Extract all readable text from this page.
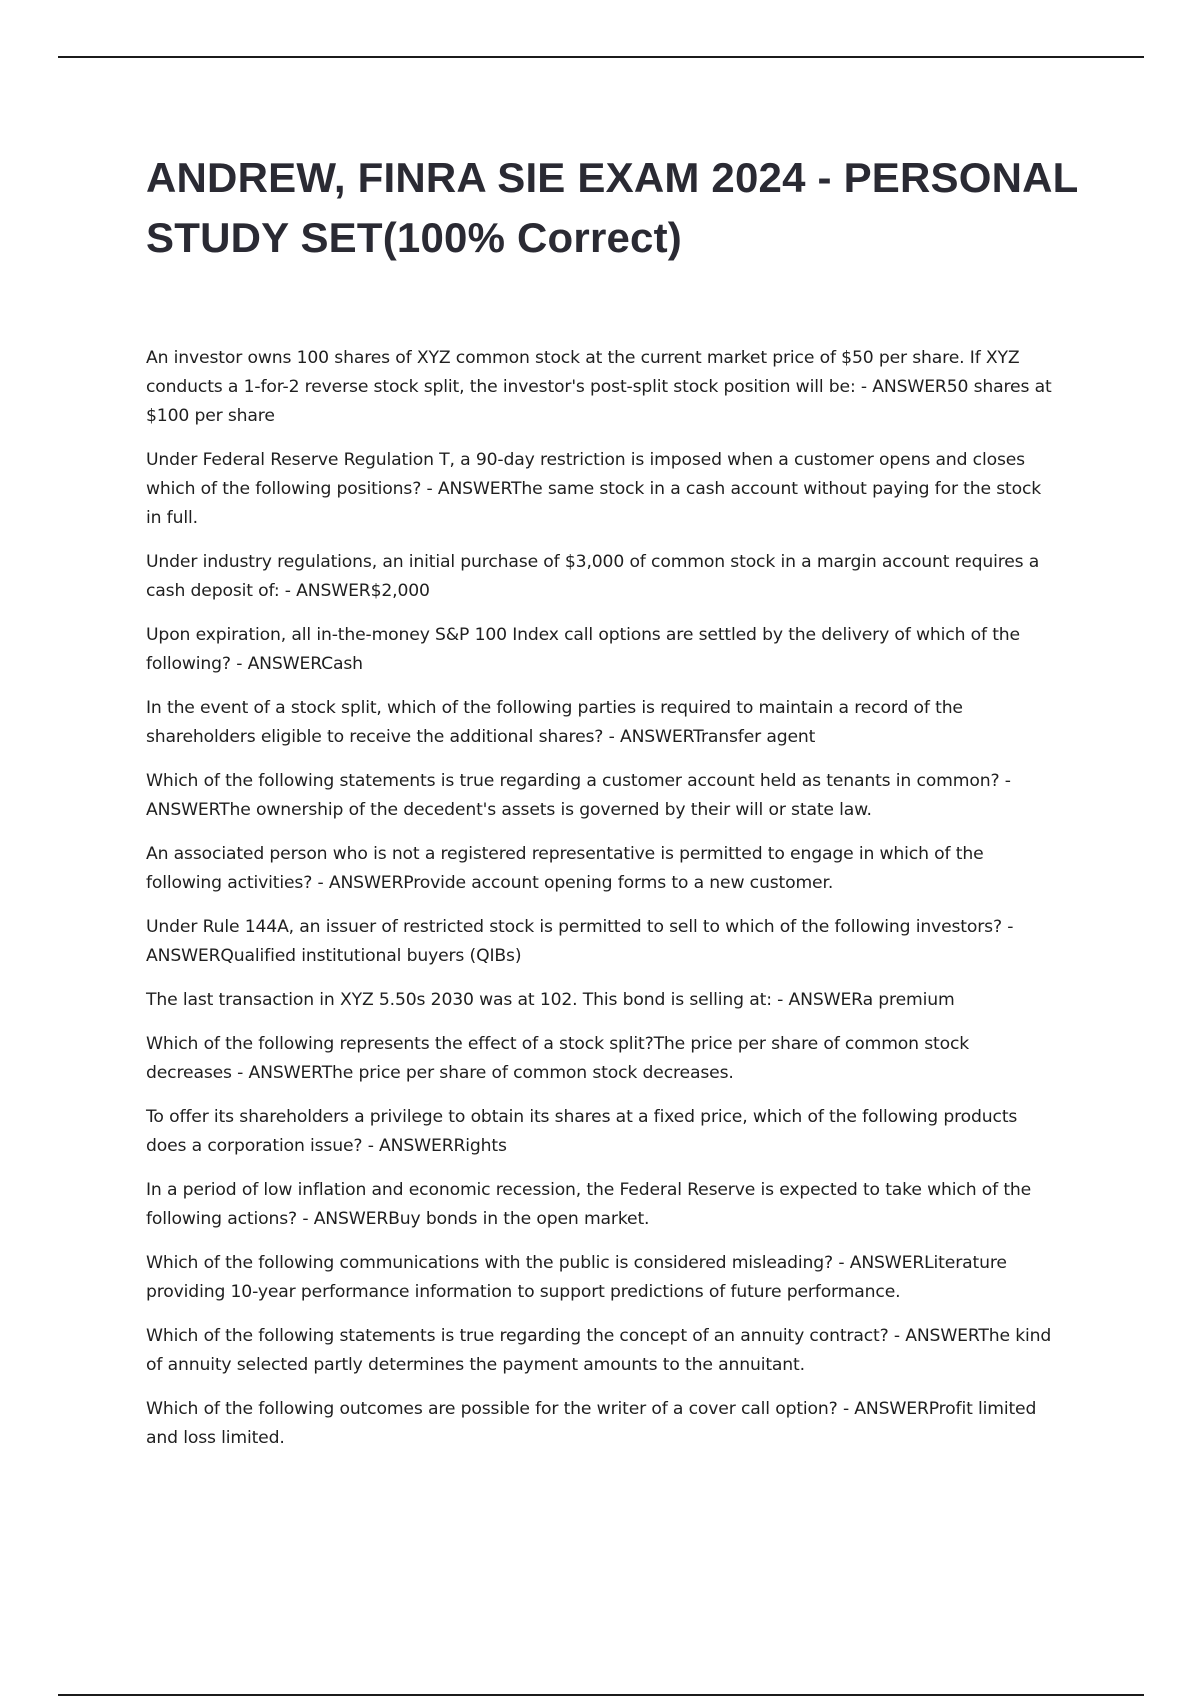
ANDREW, FINRA SIE EXAM 2024 - PERSONAL STUDY SET(100% Correct)

An investor owns 100 shares of XYZ common stock at the current market price of $50 per share. If XYZ conducts a 1-for-2 reverse stock split, the investor's post-split stock position will be: - ANSWER50 shares at $100 per share

Under Federal Reserve Regulation T, a 90-day restriction is imposed when a customer opens and closes which of the following positions? - ANSWERThe same stock in a cash account without paying for the stock in full.

Under industry regulations, an initial purchase of $3,000 of common stock in a margin account requires a cash deposit of: - ANSWER$2,000

Upon expiration, all in-the-money S&P 100 Index call options are settled by the delivery of which of the following? - ANSWERCash

In the event of a stock split, which of the following parties is required to maintain a record of the shareholders eligible to receive the additional shares? - ANSWERTransfer agent

Which of the following statements is true regarding a customer account held as tenants in common? - ANSWERThe ownership of the decedent's assets is governed by their will or state law.

An associated person who is not a registered representative is permitted to engage in which of the following activities? - ANSWERProvide account opening forms to a new customer.

Under Rule 144A, an issuer of restricted stock is permitted to sell to which of the following investors? - ANSWERQualified institutional buyers (QIBs)

The last transaction in XYZ 5.50s 2030 was at 102. This bond is selling at: - ANSWERa premium

Which of the following represents the effect of a stock split?The price per share of common stock decreases - ANSWERThe price per share of common stock decreases.

To offer its shareholders a privilege to obtain its shares at a fixed price, which of the following products does a corporation issue? - ANSWERRights

In a period of low inflation and economic recession, the Federal Reserve is expected to take which of the following actions? - ANSWERBuy bonds in the open market.

Which of the following communications with the public is considered misleading? - ANSWERLiterature providing 10-year performance information to support predictions of future performance.

Which of the following statements is true regarding the concept of an annuity contract? - ANSWERThe kind of annuity selected partly determines the payment amounts to the annuitant.

Which of the following outcomes are possible for the writer of a cover call option? - ANSWERProfit limited and loss limited.
